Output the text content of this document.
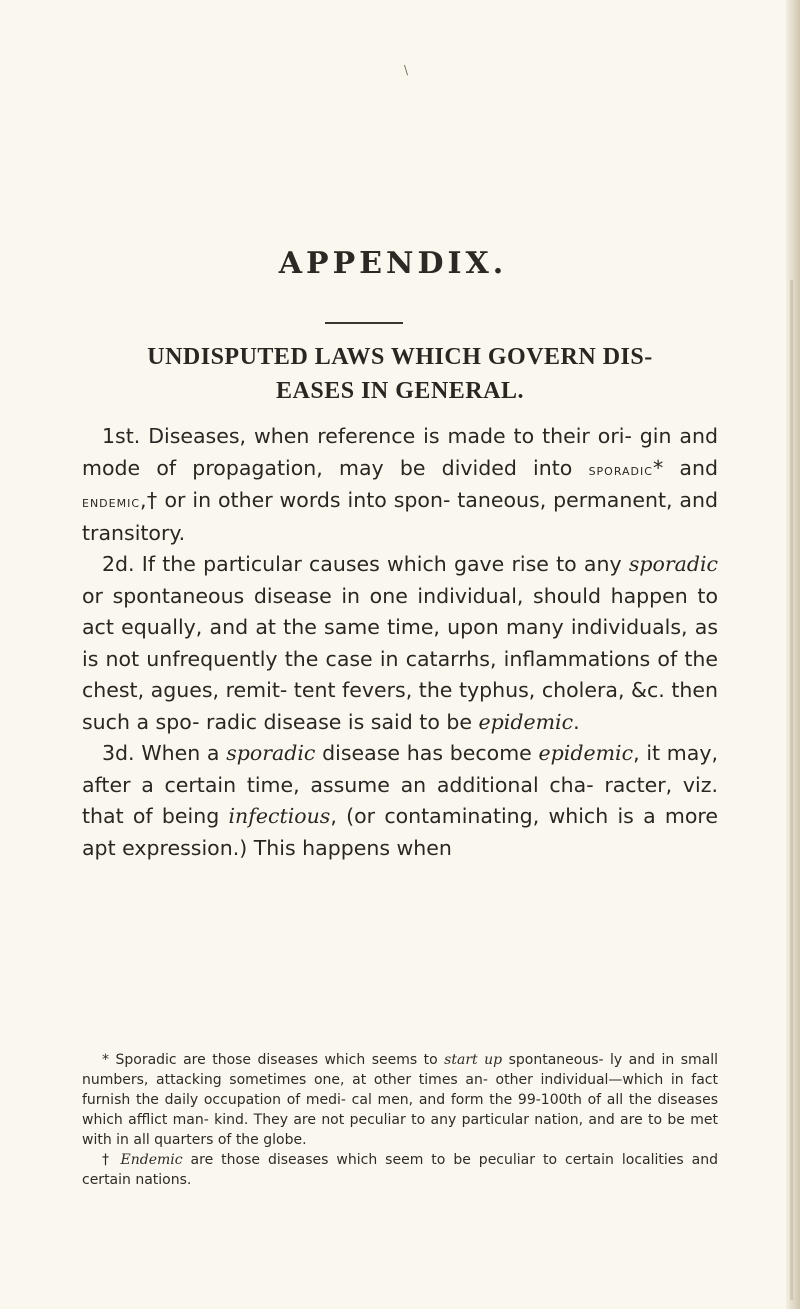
\
APPENDIX.
UNDISPUTED LAWS WHICH GOVERN DIS-
EASES IN GENERAL.

1st. Diseases, when reference is made to their ori- gin and mode of propagation, may be divided into sporadic* and endemic,† or in other words into spon- taneous, permanent, and transitory.

2d. If the particular causes which gave rise to any sporadic or spontaneous disease in one individual, should happen to act equally, and at the same time, upon many individuals, as is not unfrequently the case in catarrhs, inflammations of the chest, agues, remit- tent fevers, the typhus, cholera, &c. then such a spo- radic disease is said to be epidemic.

3d. When a sporadic disease has become epidemic, it may, after a certain time, assume an additional cha- racter, viz. that of being infectious, (or contaminating, which is a more apt expression.) This happens when

* Sporadic are those diseases which seems to start up spontaneous- ly and in small numbers, attacking sometimes one, at other times an- other individual—which in fact furnish the daily occupation of medi- cal men, and form the 99-100th of all the diseases which afflict man- kind. They are not peculiar to any particular nation, and are to be met with in all quarters of the globe.

† Endemic are those diseases which seem to be peculiar to certain localities and certain nations.
